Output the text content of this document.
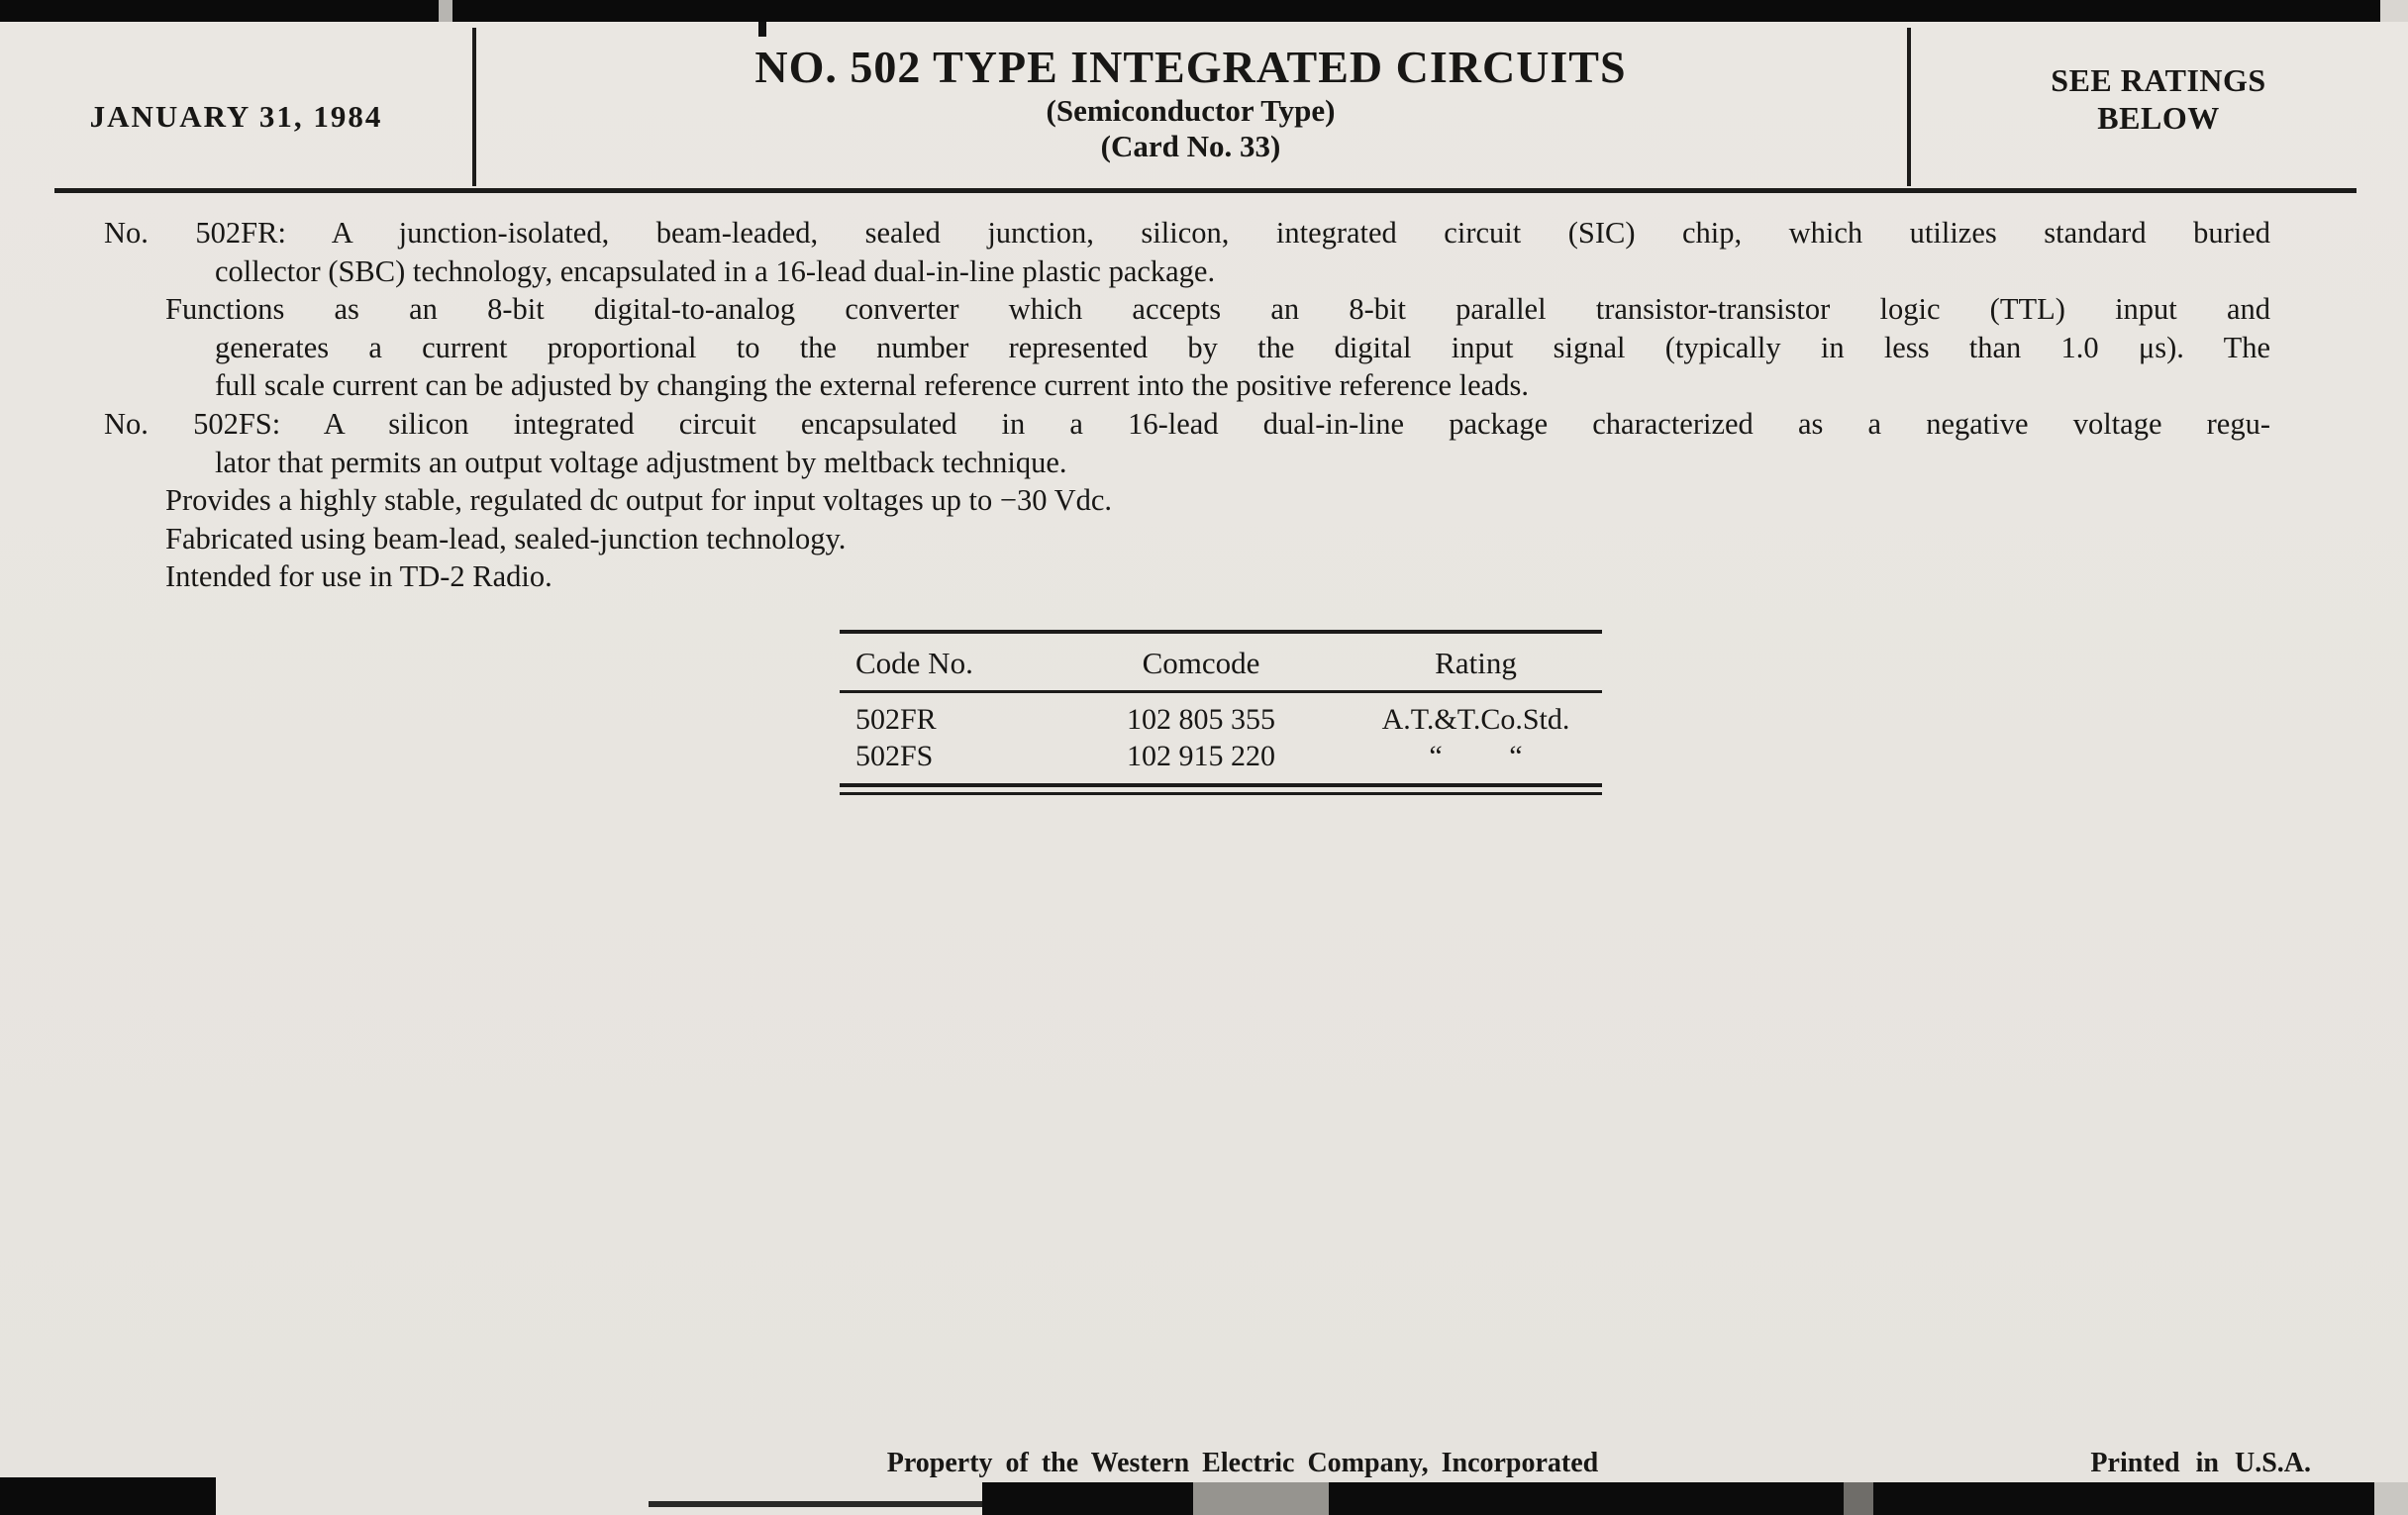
JANUARY 31, 1984
NO. 502 TYPE INTEGRATED CIRCUITS
(Semiconductor Type)
(Card No. 33)
SEE RATINGS
BELOW
No. 502FR: A junction-isolated, beam-leaded, sealed junction, silicon, integrated circuit (SIC) chip, which utilizes standard buried
collector (SBC) technology, encapsulated in a 16-lead dual-in-line plastic package.
Functions as an 8-bit digital-to-analog converter which accepts an 8-bit parallel transistor-transistor logic (TTL) input and
generates a current proportional to the number represented by the digital input signal (typically in less than 1.0 μs). The
full scale current can be adjusted by changing the external reference current into the positive reference leads.
No. 502FS: A silicon integrated circuit encapsulated in a 16-lead dual-in-line package characterized as a negative voltage regu-
lator that permits an output voltage adjustment by meltback technique.
Provides a highly stable, regulated dc output for input voltages up to −30 Vdc.
Fabricated using beam-lead, sealed-junction technology.
Intended for use in TD-2 Radio.
Code No.	Comcode	Rating
502FR	102 805 355	A.T.&T.Co.Std.
502FS	102 915 220	“         “
Property of the Western Electric Company, Incorporated	Printed in U.S.A.
